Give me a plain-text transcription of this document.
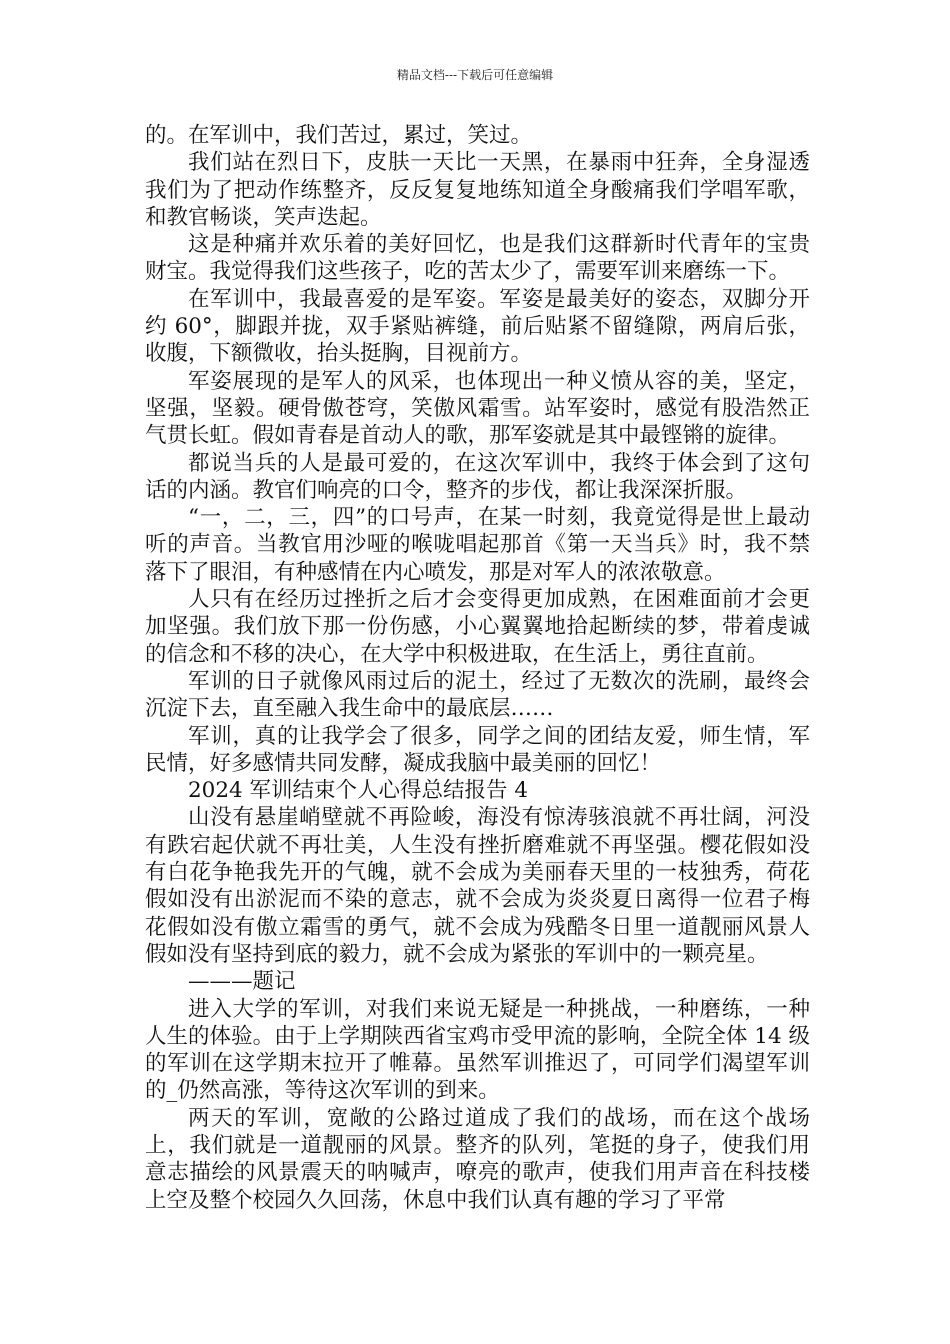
精品文档---下载后可任意编辑

的。在军训中，我们苦过，累过，笑过。

我们站在烈日下，皮肤一天比一天黑，在暴雨中狂奔，全身湿透我们为了把动作练整齐，反反复复地练知道全身酸痛我们学唱军歌，和教官畅谈，笑声迭起。

这是种痛并欢乐着的美好回忆，也是我们这群新时代青年的宝贵财宝。我觉得我们这些孩子，吃的苦太少了，需要军训来磨练一下。

在军训中，我最喜爱的是军姿。军姿是最美好的姿态，双脚分开约 60°，脚跟并拢，双手紧贴裤缝，前后贴紧不留缝隙，两肩后张，收腹，下额微收，抬头挺胸，目视前方。

军姿展现的是军人的风采，也体现出一种义愤从容的美，坚定，坚强，坚毅。硬骨傲苍穹，笑傲风霜雪。站军姿时，感觉有股浩然正气贯长虹。假如青春是首动人的歌，那军姿就是其中最铿锵的旋律。

都说当兵的人是最可爱的，在这次军训中，我终于体会到了这句话的内涵。教官们响亮的口令，整齐的步伐，都让我深深折服。

“一，二，三，四”的口号声，在某一时刻，我竟觉得是世上最动听的声音。当教官用沙哑的喉咙唱起那首《第一天当兵》时，我不禁落下了眼泪，有种感情在内心喷发，那是对军人的浓浓敬意。

人只有在经历过挫折之后才会变得更加成熟，在困难面前才会更加坚强。我们放下那一份伤感，小心翼翼地拾起断续的梦，带着虔诚的信念和不移的决心，在大学中积极进取，在生活上，勇往直前。

军训的日子就像风雨过后的泥土，经过了无数次的洗刷，最终会沉淀下去，直至融入我生命中的最底层……

军训，真的让我学会了很多，同学之间的团结友爱，师生情，军民情，好多感情共同发酵，凝成我脑中最美丽的回忆！

2024 军训结束个人心得总结报告 4

山没有悬崖峭壁就不再险峻，海没有惊涛骇浪就不再壮阔，河没有跌宕起伏就不再壮美，人生没有挫折磨难就不再坚强。樱花假如没有白花争艳我先开的气魄，就不会成为美丽春天里的一枝独秀，荷花假如没有出淤泥而不染的意志，就不会成为炎炎夏日离得一位君子梅花假如没有傲立霜雪的勇气，就不会成为残酷冬日里一道靓丽风景人假如没有坚持到底的毅力，就不会成为紧张的军训中的一颗亮星。

———题记

进入大学的军训，对我们来说无疑是一种挑战，一种磨练，一种人生的体验。由于上学期陕西省宝鸡市受甲流的影响，全院全体 14 级的军训在这学期末拉开了帷幕。虽然军训推迟了，可同学们渴望军训的_仍然高涨，等待这次军训的到来。

两天的军训，宽敞的公路过道成了我们的战场，而在这个战场上，我们就是一道靓丽的风景。整齐的队列，笔挺的身子，使我们用意志描绘的风景震天的呐喊声，嘹亮的歌声，使我们用声音在科技楼上空及整个校园久久回荡，休息中我们认真有趣的学习了平常
